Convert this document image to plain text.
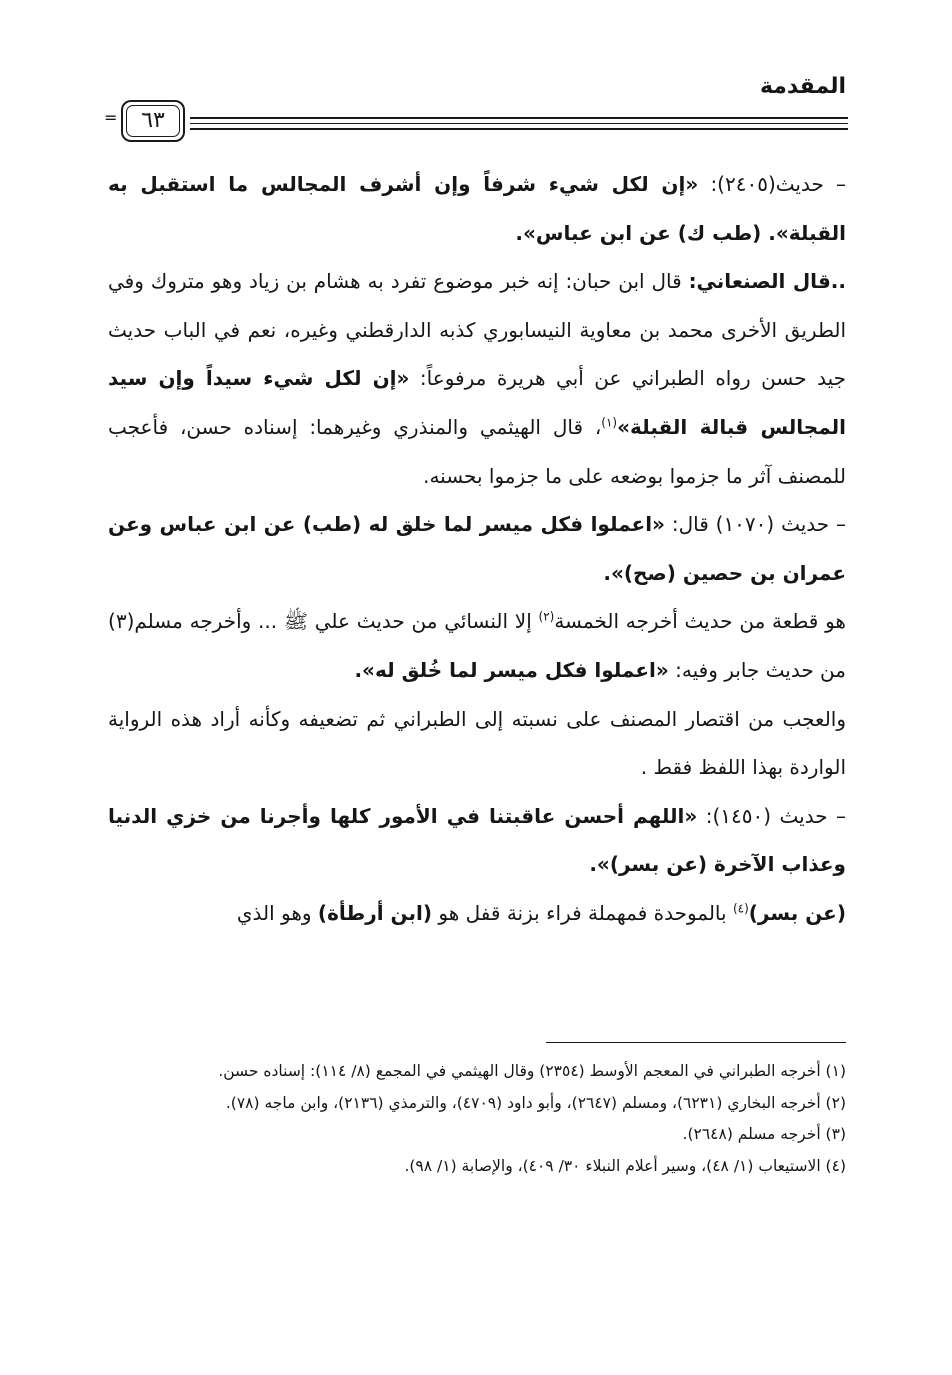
المقدمة
= ٦٣

– حديث(٢٤٠٥): «إن لكل شيء شرفاً وإن أشرف المجالس ما استقبل به القبلة». (طب ك) عن ابن عباس».

..قال الصنعاني: قال ابن حبان: إنه خبر موضوع تفرد به هشام بن زياد وهو متروك وفي الطريق الأخرى محمد بن معاوية النيسابوري كذبه الدارقطني وغيره، نعم في الباب حديث جيد حسن رواه الطبراني عن أبي هريرة مرفوعاً: «إن لكل شيء سيداً وإن سيد المجالس قبالة القبلة»$^{(١)}$، قال الهيثمي والمنذري وغيرهما: إسناده حسن، فأعجب للمصنف آثر ما جزموا بوضعه على ما جزموا بحسنه.

– حديث (١٠٧٠) قال: «اعملوا فكل ميسر لما خلق له (طب) عن ابن عباس وعن عمران بن حصين (صح)».

هو قطعة من حديث أخرجه الخمسة$^{(٢)}$ إلا النسائي من حديث علي ﷺ ... وأخرجه مسلم(٣) من حديث جابر وفيه: «اعملوا فكل ميسر لما خُلق له».

والعجب من اقتصار المصنف على نسبته إلى الطبراني ثم تضعيفه وكأنه أراد هذه الرواية الواردة بهذا اللفظ فقط .

– حديث (١٤٥٠): «اللهم أحسن عاقبتنا في الأمور كلها وأجرنا من خزي الدنيا وعذاب الآخرة (عن بسر)».

(عن بسر)$^{(٤)}$ بالموحدة فمهملة فراء بزنة قفل هو (ابن أرطأة) وهو الذي

(١) أخرجه الطبراني في المعجم الأوسط (٢٣٥٤) وقال الهيثمي في المجمع (٨/ ١١٤): إسناده حسن.

(٢) أخرجه البخاري (٦٢٣١)، ومسلم (٢٦٤٧)، وأبو داود (٤٧٠٩)، والترمذي (٢١٣٦)، وابن ماجه (٧٨).

(٣) أخرجه مسلم (٢٦٤٨).

(٤) الاستيعاب (١/ ٤٨)، وسير أعلام النبلاء ٣٠/ ٤٠٩)، والإصابة (١/ ٩٨).
